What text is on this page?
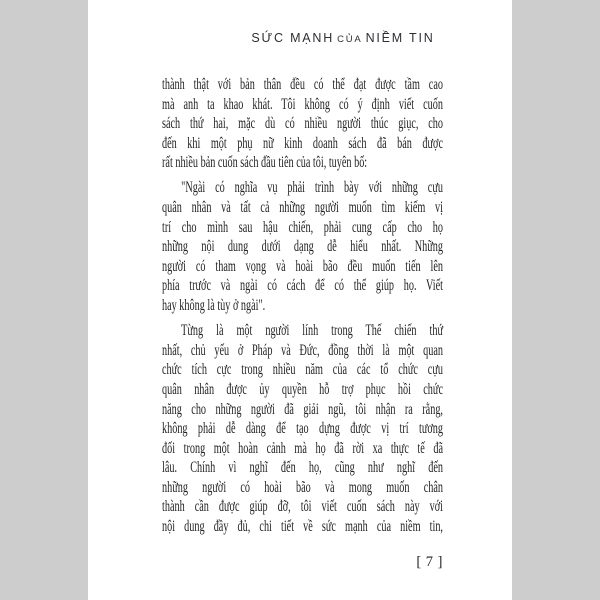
SỨC MẠNH CỦA NIỀM TIN
thành thật với bản thân đều có thể đạt được tầm cao
mà anh ta khao khát. Tôi không có ý định viết cuốn
sách thứ hai, mặc dù có nhiều người thúc giục, cho
đến khi một phụ nữ kinh doanh sách đã bán được
rất nhiều bản cuốn sách đầu tiên của tôi, tuyên bố:
"Ngài có nghĩa vụ phải trình bày với những cựu
quân nhân và tất cả những người muốn tìm kiếm vị
trí cho mình sau hậu chiến, phải cung cấp cho họ
những nội dung dưới dạng dễ hiểu nhất. Những
người có tham vọng và hoài bão đều muốn tiến lên
phía trước và ngài có cách để có thể giúp họ. Viết
hay không là tùy ở ngài".
Từng là một người lính trong Thế chiến thứ
nhất, chủ yếu ở Pháp và Đức, đồng thời là một quan
chức tích cực trong nhiều năm của các tổ chức cựu
quân nhân được ủy quyền hỗ trợ phục hồi chức
năng cho những người đã giải ngũ, tôi nhận ra rằng,
không phải dễ dàng để tạo dựng được vị trí tương
đối trong một hoàn cảnh mà họ đã rời xa thực tế đã
lâu. Chính vì nghĩ đến họ, cũng như nghĩ đến
những người có hoài bão và mong muốn chân
thành cần được giúp đỡ, tôi viết cuốn sách này với
nội dung đầy đủ, chi tiết về sức mạnh của niềm tin,
[ 7 ]
